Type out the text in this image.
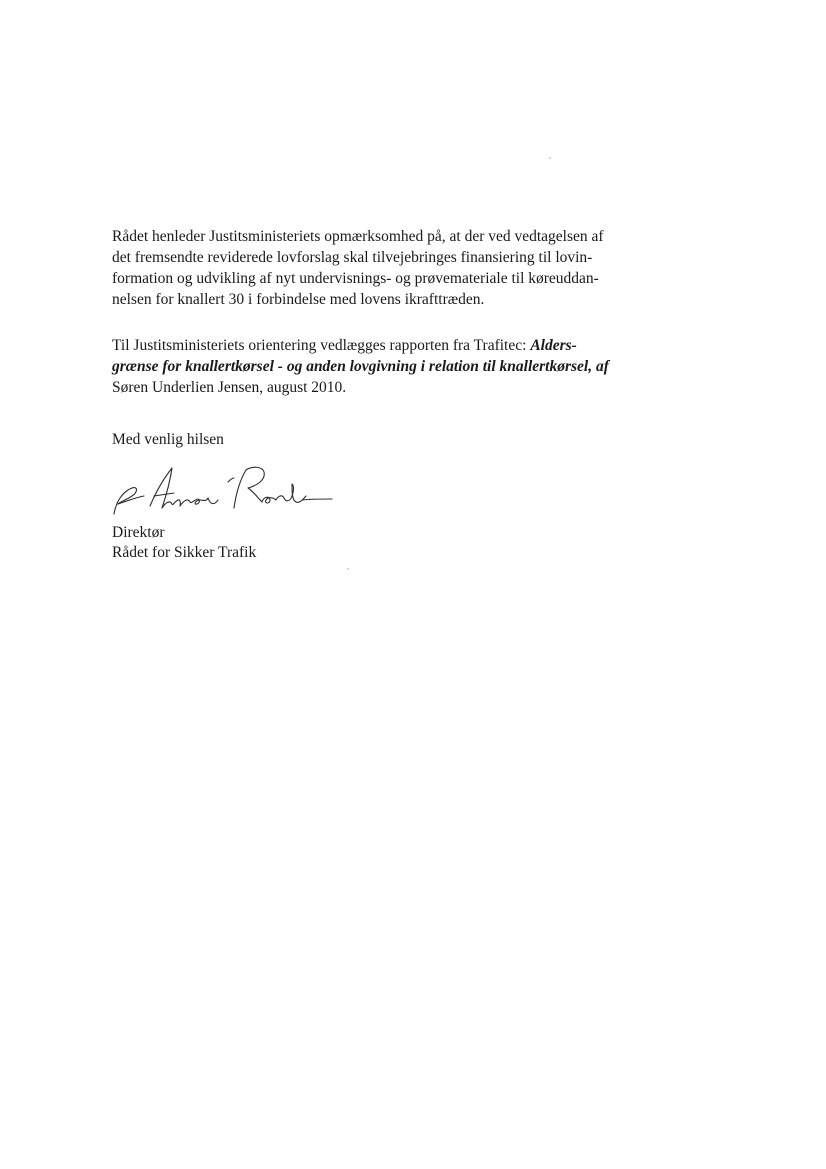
Rådet henleder Justitsministeriets opmærksomhed på, at der ved vedtagelsen af
det fremsendte reviderede lovforslag skal tilvejebringes finansiering til lovin-
formation og udvikling af nyt undervisnings- og prøvemateriale til køreuddan-
nelsen for knallert 30 i forbindelse med lovens ikrafttræden.
Til Justitsministeriets orientering vedlægges rapporten fra Trafitec: Alders-
grænse for knallertkørsel - og anden lovgivning i relation til knallertkørsel, af
Søren Underlien Jensen, august 2010.
Med venlig hilsen
Direktør
Rådet for Sikker Trafik
